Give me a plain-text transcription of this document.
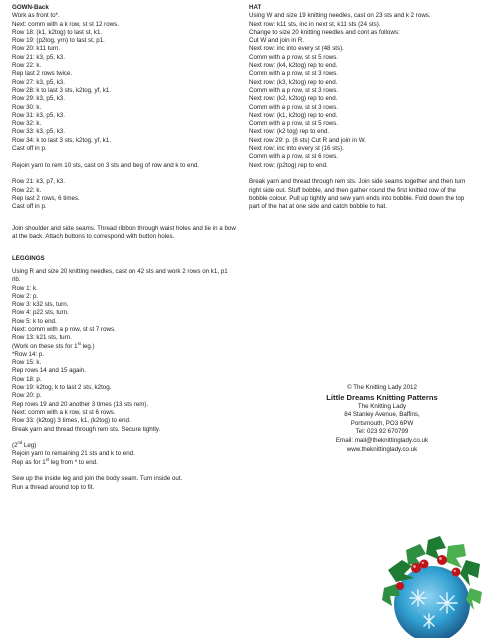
GOWN-Back
Work as front to*.
Next: comm with a k row, st st 12 rows.
Row 18: (k1, k2tog) to last st, k1.
Row 19: (p2tog, yrn) to last st, p1.
Row 20: k11 turn.
Row 21: k3, p5, k3.
Row 22: k.
Rep last 2 rows twice.
Row 27: k3, p5, k3.
Row 28: k to last 3 sts, k2tog, yf, k1.
Row 29: k3, p5, k3.
Row 30: k.
Row 31: k3, p5, k3.
Row 32: k.
Row 33: k3, p5, k3.
Row 34: k to last 3 sts, k2tog, yf, k1.
Cast off in p.
Rejoin yarn to rem 10 sts, cast on 3 sts and beg of row and k to end.
Row 21: k3, p7, k3.
Row 22: k.
Rep last 2 rows, 6 times.
Cast off in p.
Join shoulder and side seams. Thread ribbon through waist holes and tie in a bow at the back. Attach buttons to correspond with button holes.
LEGGINGS
Using R and size 20 knitting needles, cast on 42 sts and work 2 rows on k1, p1 rib.
Row 1: k.
Row 2: p.
Row 3: k32 sts, turn.
Row 4: p22 sts, turn.
Row 5: k to end.
Next: comm with a p row, st st 7 rows.
Row 13: k21 sts, turn.
(Work on these sts for 1st leg.)
*Row 14: p.
Row 15: k.
Rep rows 14 and 15 again.
Row 18: p.
Row 19: k2tog, k to last 2 sts, k2tog.
Row 20: p.
Rep rows 19 and 20 another 3 times (13 sts rem).
Next: comm with a k row, st st 6 rows.
Row 33: (k2tog) 3 times, k1, (k2tog) to end.
Break yarn and thread through rem sts. Secure tightly.
(2nd Leg)
Rejoin yarn to remaining 21 sts and k to end.
Rep as for 1st leg from * to end.
Sew up the inside leg and join the body seam. Turn inside out.
Run a thread around top to fit.
HAT
Using W and size 19 knitting needles, cast on 23 sts and k 2 rows.
Next row: k11 sts, inc in next st, k11 sts (24 sts).
Change to size 20 knitting needles and cont as follows:
Cut W and join in R.
Next row: inc into every st (48 sts).
Comm with a p row, st st 5 rows.
Next row: (k4, k2tog) rep to end.
Comm with a p row, st st 3 rows.
Next row: (k3, k2tog) rep to end.
Comm with a p row, st st 3 rows.
Next row: (k2, k2tog) rep to end.
Comm with a p row, st st 3 rows.
Next row: (k1, k2tog) rep to end.
Comm with a p row, st st 5 rows.
Next row: (k2 tog) rep to end.
Next row 29: p. (8 sts) Cut R and join in W.
Next row: inc into every st (16 sts).
Comm with a p row, st st 6 rows.
Next row: (p2tog) rep to end.
Break yarn and thread through rem sts. Join side seams together and then turn right side out. Stuff bobble, and then gather round the first knitted row of the bobble colour. Pull up tightly and sew yarn ends into bobble. Fold down the top part of the hat at one side and catch bobble to hat.
© The Knitting Lady 2012
Little Dreams Knitting Patterns
The Knitting Lady
84 Stanley Avenue, Baffins,
Portsmouth, PO3 6PW
Tel: 023 92 670799
Email: mail@theknittinglady.co.uk
www.theknittinglady.co.uk
